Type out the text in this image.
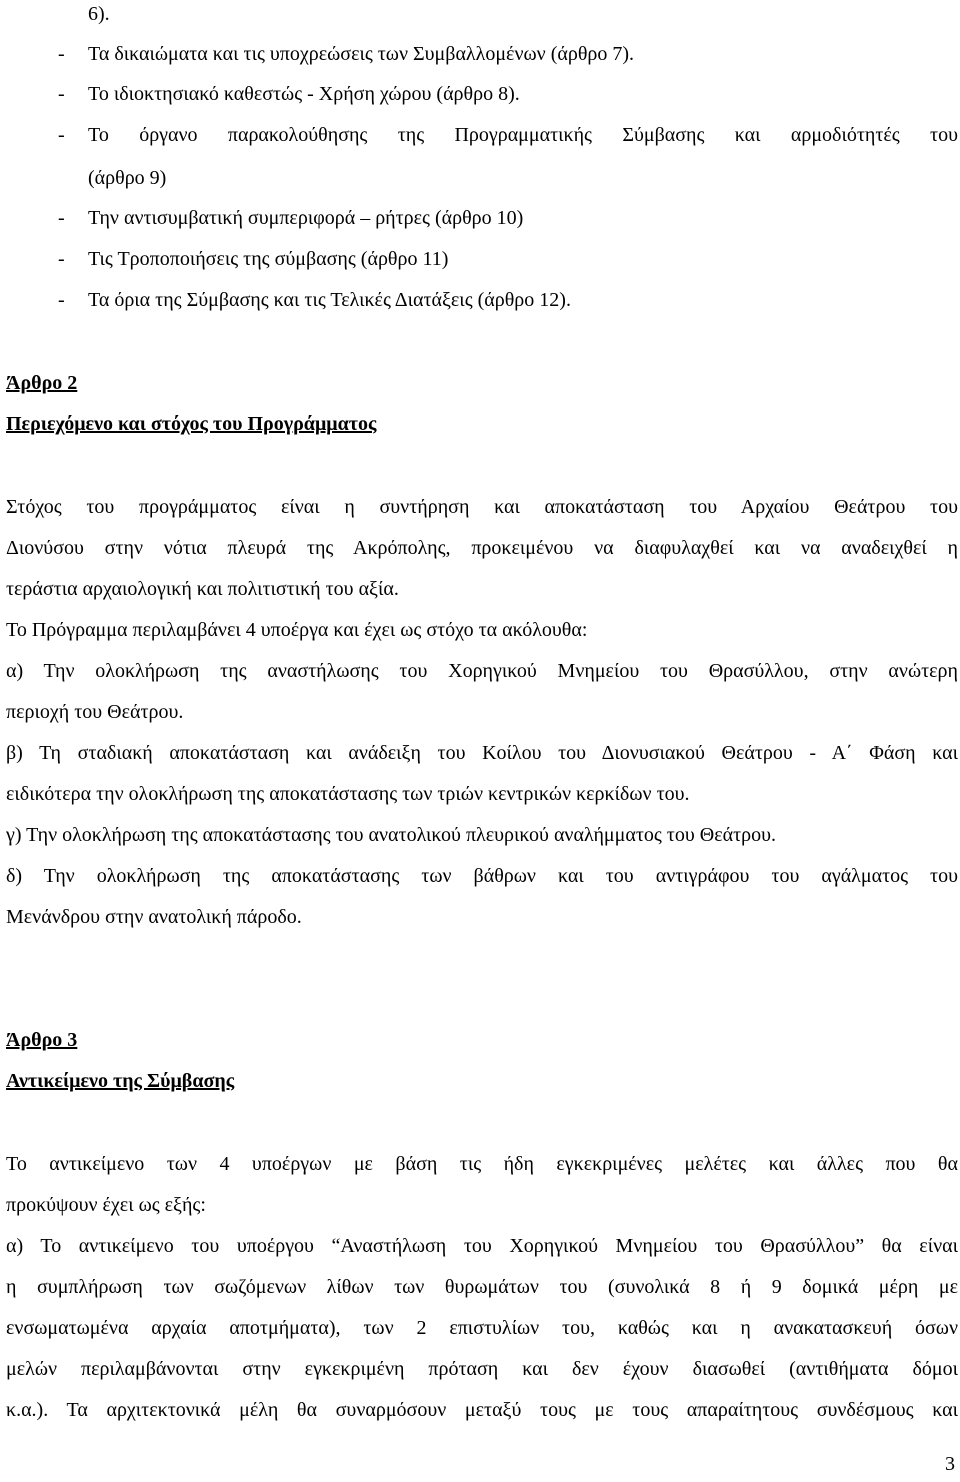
6).

- Τα δικαιώματα και τις υποχρεώσεις των Συμβαλλομένων (άρθρο 7).

- Το ιδιοκτησιακό καθεστώς - Χρήση χώρου (άρθρο 8).

-	Το όργανο παρακολούθησης της Προγραμματικής Σύμβασης και αρμοδιότητές του

(άρθρο 9)

- Την αντισυμβατική συμπεριφορά – ρήτρες (άρθρο 10)

- Τις Τροποποιήσεις της σύμβασης (άρθρο 11)

- Τα όρια της Σύμβασης και τις Τελικές Διατάξεις (άρθρο 12).

Άρθρο 2

Περιεχόμενο και στόχος του Προγράμματος

Στόχος του προγράμματος είναι η συντήρηση και αποκατάσταση του Αρχαίου Θεάτρου του

Διονύσου στην νότια πλευρά της Ακρόπολης, προκειμένου να διαφυλαχθεί και να αναδειχθεί η

τεράστια αρχαιολογική και πολιτιστική του αξία.

Το Πρόγραμμα περιλαμβάνει 4 υποέργα και έχει ως στόχο τα ακόλουθα:

α) Την ολοκλήρωση της αναστήλωσης του Χορηγικού Μνημείου του Θρασύλλου, στην ανώτερη

περιοχή του Θεάτρου.

β) Τη σταδιακή αποκατάσταση και ανάδειξη του Κοίλου του Διονυσιακού Θεάτρου - Α΄ Φάση και

ειδικότερα την ολοκλήρωση της αποκατάστασης των τριών κεντρικών κερκίδων του.

γ) Την ολοκλήρωση της αποκατάστασης του ανατολικού πλευρικού αναλήμματος του Θεάτρου.

δ) Την ολοκλήρωση της αποκατάστασης των βάθρων και του αντιγράφου του αγάλματος του

Μενάνδρου στην ανατολική πάροδο.

Άρθρο 3

Αντικείμενο της Σύμβασης

Το αντικείμενο των 4 υποέργων με βάση τις ήδη εγκεκριμένες μελέτες και άλλες που θα

προκύψουν έχει ως εξής:

α) Το αντικείμενο του υποέργου “Αναστήλωση του Χορηγικού Μνημείου του Θρασύλλου” θα είναι

η συμπλήρωση των σωζόμενων λίθων των θυρωμάτων του (συνολικά 8 ή 9 δομικά μέρη με

ενσωματωμένα αρχαία αποτμήματα), των 2 επιστυλίων του, καθώς και η ανακατασκευή όσων

μελών περιλαμβάνονται στην εγκεκριμένη πρόταση και δεν έχουν διασωθεί (αντιθήματα δόμοι

κ.α.). Τα αρχιτεκτονικά μέλη θα συναρμόσουν μεταξύ τους με τους απαραίτητους συνδέσμους και

3
